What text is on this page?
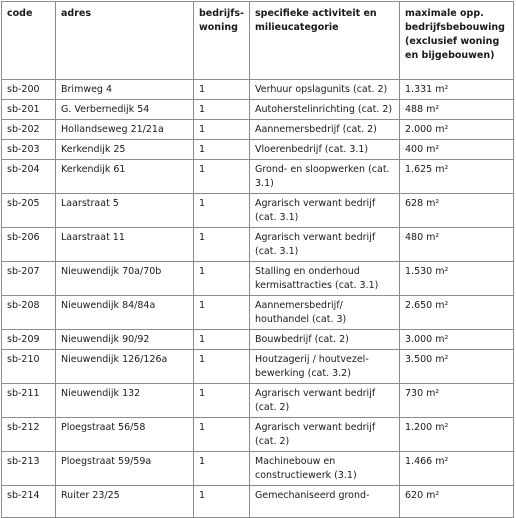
code	adres	bedrijfs-woning	specifieke activiteit en milieucategorie	maximale opp. bedrijfsbebouwing (exclusief woning en bijgebouwen)
sb-200	Brimweg 4	1	Verhuur opslagunits (cat. 2)	1.331 m²
sb-201	G. Verbernedijk 54	1	Autoherstelinrichting (cat. 2)	488 m²
sb-202	Hollandseweg 21/21a	1	Aannemersbedrijf (cat. 2)	2.000 m²
sb-203	Kerkendijk 25	1	Vloerenbedrijf (cat. 3.1)	400 m²
sb-204	Kerkendijk 61	1	Grond- en sloopwerken (cat. 3.1)	1.625 m²
sb-205	Laarstraat 5	1	Agrarisch verwant bedrijf (cat. 3.1)	628 m²
sb-206	Laarstraat 11	1	Agrarisch verwant bedrijf (cat. 3.1)	480 m²
sb-207	Nieuwendijk 70a/70b	1	Stalling en onderhoud kermisattracties (cat. 3.1)	1.530 m²
sb-208	Nieuwendijk 84/84a	1	Aannemersbedrijf/ houthandel (cat. 3)	2.650 m²
sb-209	Nieuwendijk 90/92	1	Bouwbedrijf (cat. 2)	3.000 m²
sb-210	Nieuwendijk 126/126a	1	Houtzagerij / houtvezel-bewerking (cat. 3.2)	3.500 m²
sb-211	Nieuwendijk 132	1	Agrarisch verwant bedrijf (cat. 2)	730 m²
sb-212	Ploegstraat 56/58	1	Agrarisch verwant bedrijf (cat. 2)	1.200 m²
sb-213	Ploegstraat 59/59a	1	Machinebouw en constructiewerk (3.1)	1.466 m²
sb-214	Ruiter 23/25	1	Gemechaniseerd grond-	620 m²
